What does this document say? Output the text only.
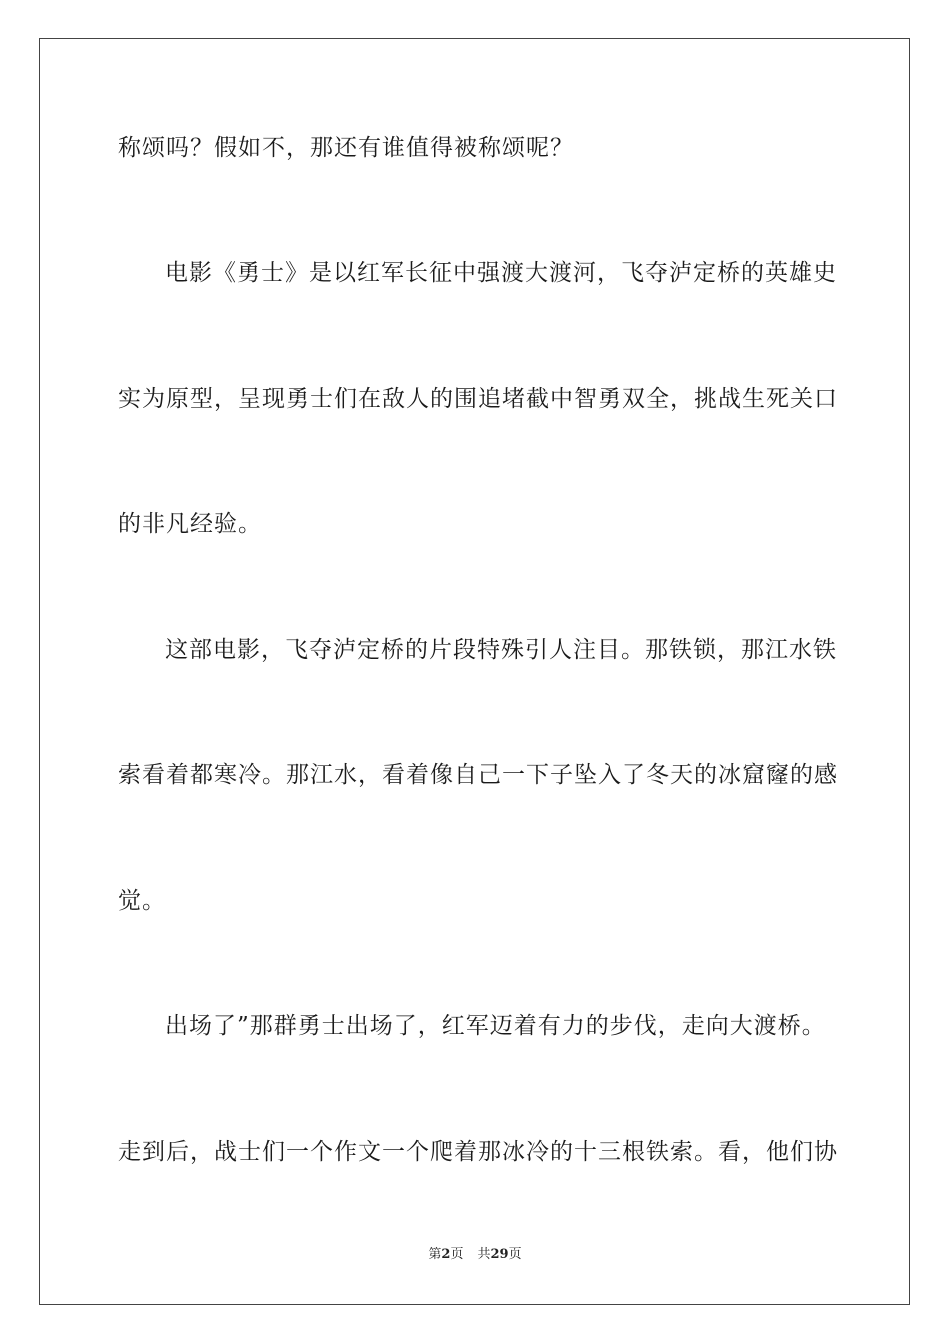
称颂吗？假如不，那还有谁值得被称颂呢？
电影《勇士》是以红军长征中强渡大渡河，飞夺泸定桥的英雄史
实为原型，呈现勇士们在敌人的围追堵截中智勇双全，挑战生死关口
的非凡经验。
这部电影，飞夺泸定桥的片段特殊引人注目。那铁锁，那江水铁
索看着都寒冷。那江水，看着像自己一下子坠入了冬天的冰窟窿的感
觉。
出场了”那群勇士出场了，红军迈着有力的步伐，走向大渡桥。
走到后，战士们一个作文一个爬着那冰冷的十三根铁索。看，他们协
第2页 共29页
